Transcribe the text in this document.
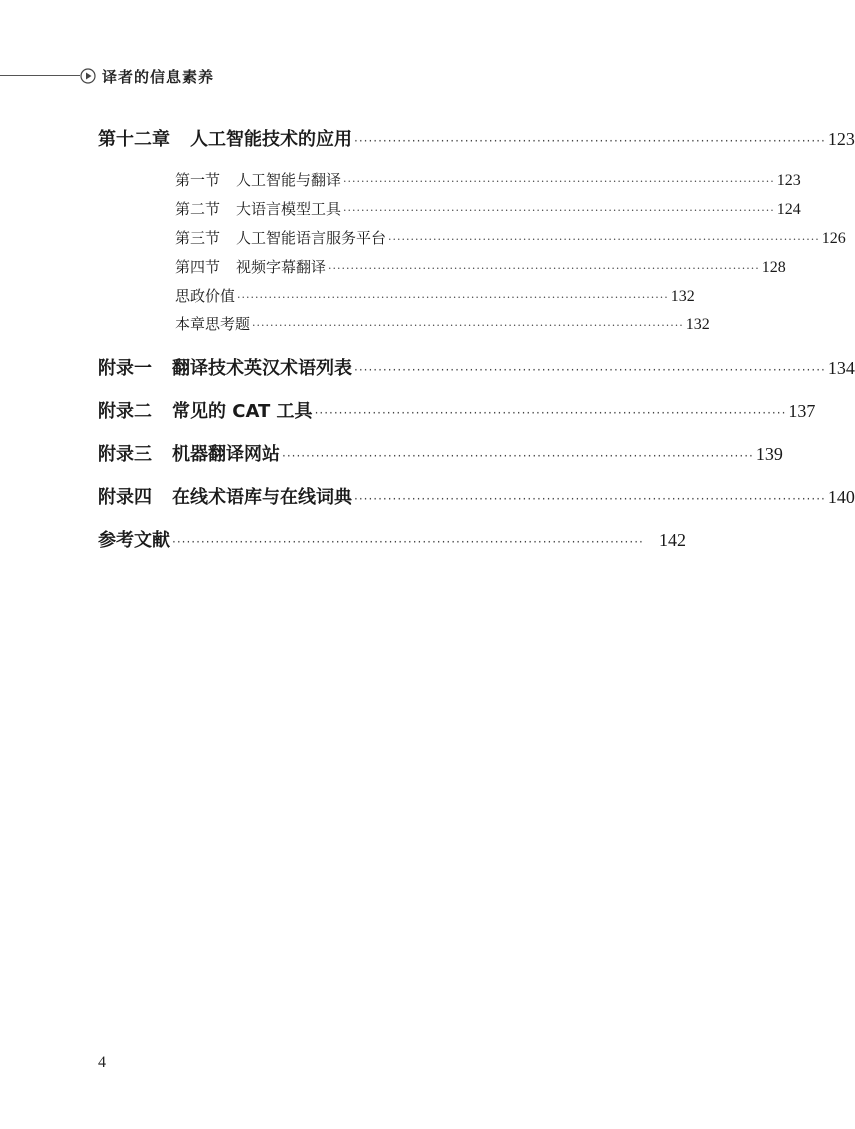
译者的信息素养
第十二章 人工智能技术的应用 ·································································································· 123
第一节 人工智能与翻译 ································································································ 123
第二节 大语言模型工具 ································································································ 124
第三节 人工智能语言服务平台 ································································································ 126
第四节 视频字幕翻译 ································································································ 128
思政价值 ································································································ 132
本章思考题 ································································································ 132
附录一 翻译技术英汉术语列表 ·································································································· 134
附录二 常见的 CAT 工具 ·································································································· 137
附录三 机器翻译网站 ·································································································· 139
附录四 在线术语库与在线词典 ·································································································· 140
参考文献 ·································································································· 142
4
